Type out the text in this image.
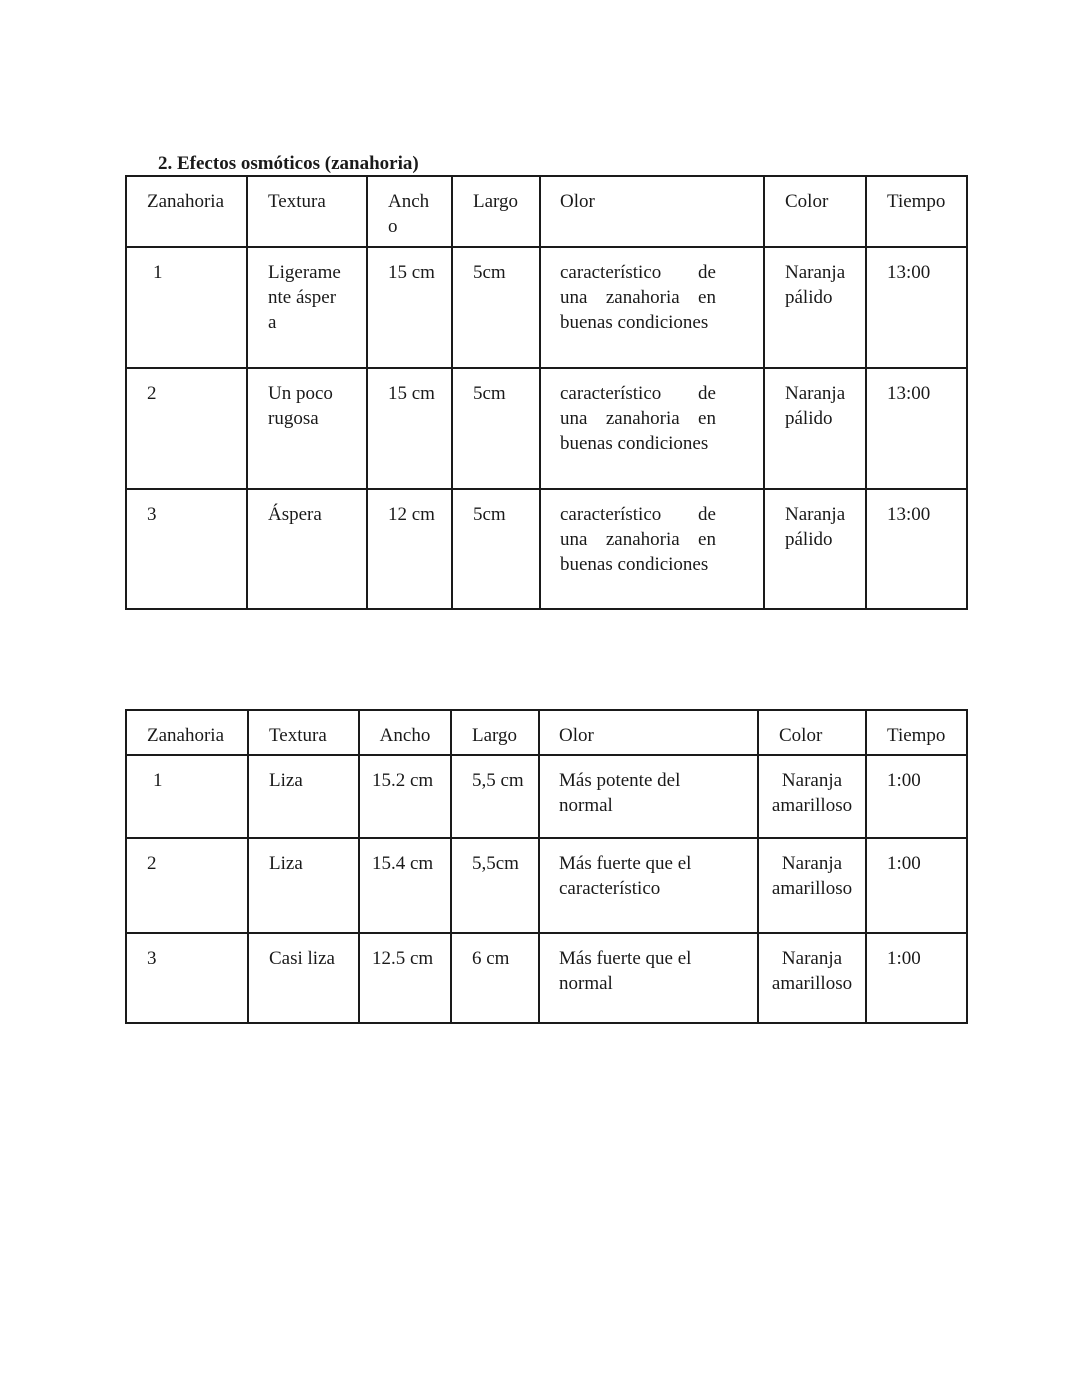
2. Efectos osmóticos (zanahoria)
Zanahoria	Textura	Ancho	Largo	Olor	Color	Tiempo

1	Ligeramente áspera	15 cm	5cm	característico de una zanahoria en buenas condiciones	Naranja pálido	13:00

2	Un poco rugosa	15 cm	5cm	característico de una zanahoria en buenas condiciones	Naranja pálido	13:00

3	Áspera	12 cm	5cm	característico de una zanahoria en buenas condiciones	Naranja pálido	13:00
Zanahoria	Textura	Ancho	Largo	Olor	Color	Tiempo

1	Liza	15.2 cm	5,5 cm	Más potente del normal	Naranja amarilloso	1:00

2	Liza	15.4 cm	5,5cm	Más fuerte que el característico	Naranja amarilloso	1:00

3	Casi liza	12.5 cm	6 cm	Más fuerte que el normal	Naranja amarilloso	1:00
